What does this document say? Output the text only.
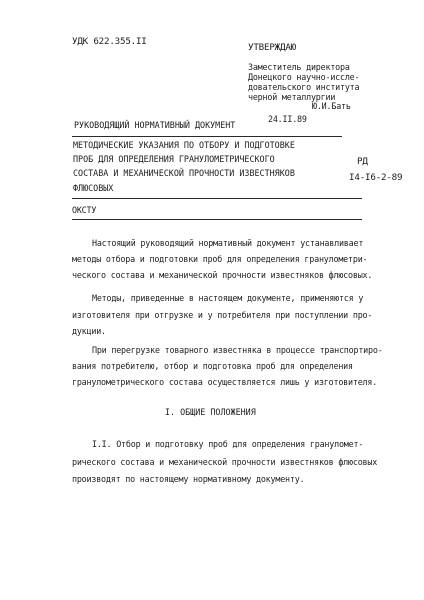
УДК 622.355.II
УТВЕРЖДАЮ
Заместитель директора
Донецкого научно-иссле-
довательского института
черной металлургии
Ю.И.Бать
РУКОВОДЯЩИЙ НОРМАТИВНЫЙ ДОКУМЕНТ
24.II.89
МЕТОДИЧЕСКИЕ УКАЗАНИЯ ПО ОТБОРУ И ПОДГОТОВКЕ
ПРОБ ДЛЯ ОПРЕДЕЛЕНИЯ ГРАНУЛОМЕТРИЧЕСКОГО
СОСТАВА И МЕХАНИЧЕСКОЙ ПРОЧНОСТИ ИЗВЕСТНЯКОВ
ФЛЮСОВЫХ
РД
I4-I6-2-89
ОКСТУ
Настоящий руководящий нормативный документ устанавливает
методы отбора и подготовки проб для определения гранулометри-
ческого состава и механической прочности известняков флюсовых.
Методы, приведенные в настоящем документе, применяются у
изготовителя при отгрузке и у потребителя при поступлении про-
дукции.
При перегрузке товарного известняка в процессе транспортиро-
вания потребителю, отбор и подготовка проб для определения
гранулометрического состава осуществляется лишь у изготовителя.
I. ОБЩИЕ ПОЛОЖЕНИЯ
I.I. Отбор и подготовку проб для определения грануломет-
рического состава и механической прочности известняков флюсовых
производят по настоящему нормативному документу.
